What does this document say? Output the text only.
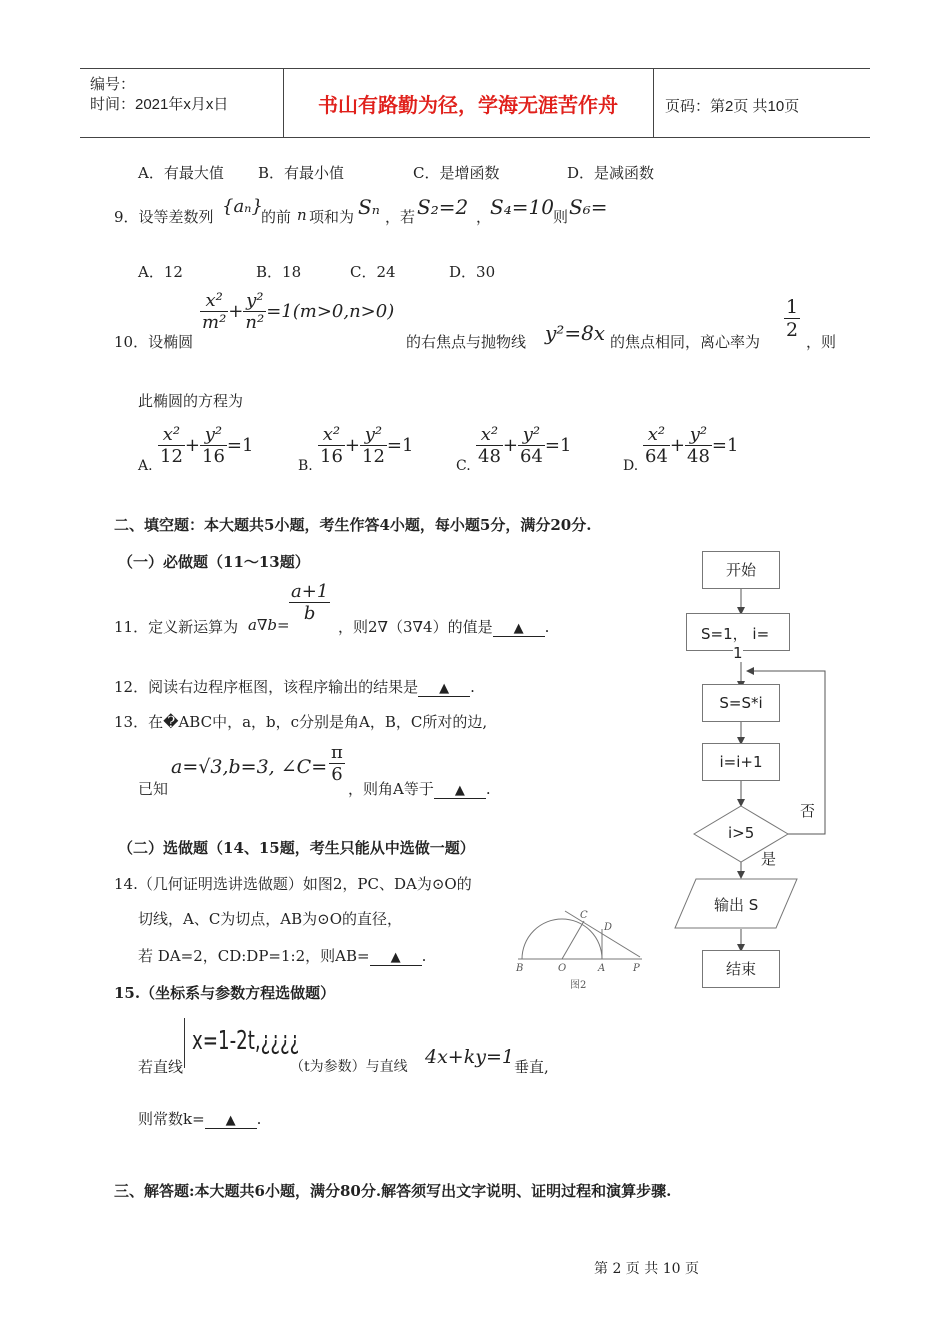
编号：
时间：2021年x月x日	书山有路勤为径，学海无涯苦作舟	页码：第2页 共10页
A．有最大值 B．有最小值	C．是增函数	D．是减函数
9．设等差数列 {aₙ}
的前 n 项和为 Sₙ ，若 S₂=2 ，
S₄=10 则 S₆=
A．12	B．18	C．24	D．30
10．设椭圆
$\frac{\text{x²}}{\text{m²}} + \frac{\text{y²}}{\text{n²}} =1(m>0,n>0)$
的右焦点与抛物线 y²=8x 的焦点相同，离心率为
$\frac{1}{2}$
，则
此椭圆的方程为
A. $\frac{\text{x²}}{12} + \frac{\text{y²}}{16} =1$
B. $\frac{\text{x²}}{16} + \frac{\text{y²}}{12} =1$
C. $\frac{\text{x²}}{48} + \frac{\text{y²}}{64} =1$
D. $\frac{\text{x²}}{64} + \frac{\text{y²}}{48} =1$
二、填空题：本大题共5小题，考生作答4小题，每小题5分，满分20分.
（一）必做题（11～13题）
11．定义新运算为 a∇b=
$\frac{a+1}{b}$
，则2∇（3∇4）的值是 ▲ .
12．阅读右边程序框图，该程序输出的结果是 ▲ .
13．在�ABC中，a，b，c分别是角A，B，C所对的边,
已知
a=√3,b=3, ∠C= $\frac{\pi}{6}$
，则角A等于 ▲ .
（二）选做题（14、15题，考生只能从中选做一题）
14.（几何证明选讲选做题）如图2，PC、DA为⊙O的
切线，A、C为切点，AB为⊙O的直径，
若 DA=2，CD:DP=1:2，则AB= ▲ .
B	O	A	P
C
D
图2
15.（坐标系与参数方程选做题）
若直线
x=1-2t,¿¿¿¿
（t为参数）与直线 4x+ky=1 垂直,
则常数k= ▲ .
三、解答题:本大题共6小题，满分80分.解答须写出文字说明、证明过程和演算步骤.
开始
S=1， i=
1
S=S*i
i=i+1
i>5
否
是
输出 S
结束
第 2 页 共 10 页
